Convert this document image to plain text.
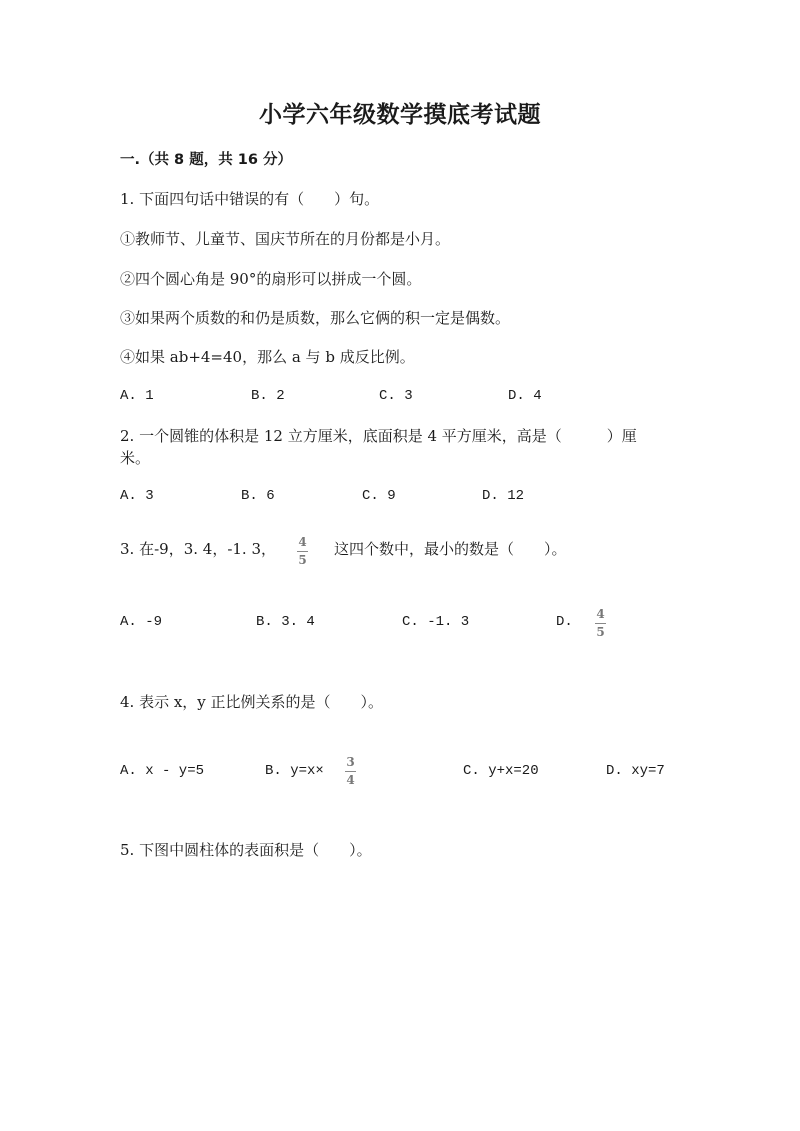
小学六年级数学摸底考试题
一.（共 8 题，共 16 分）
1. 下面四句话中错误的有（　　）句。
①教师节、儿童节、国庆节所在的月份都是小月。
②四个圆心角是 90°的扇形可以拼成一个圆。
③如果两个质数的和仍是质数，那么它俩的积一定是偶数。
④如果 ab+4=40，那么 a 与 b 成反比例。
A. 1	B. 2	C. 3	D. 4
2. 一个圆锥的体积是 12 立方厘米，底面积是 4 平方厘米，高是（　　　）厘
米。
A. 3	B. 6	C. 9	D. 12
3. 在-9，3. 4，-1. 3， 4
5
这四个数中，最小的数是（　　）。
A. -9	B. 3. 4	C. -1. 3	D. 4
5
4. 表示 x，y 正比例关系的是（　　）。
A. x - y=5	B. y=x×
3
4
C. y+x=20	D. xy=7
5. 下图中圆柱体的表面积是（　　）。
